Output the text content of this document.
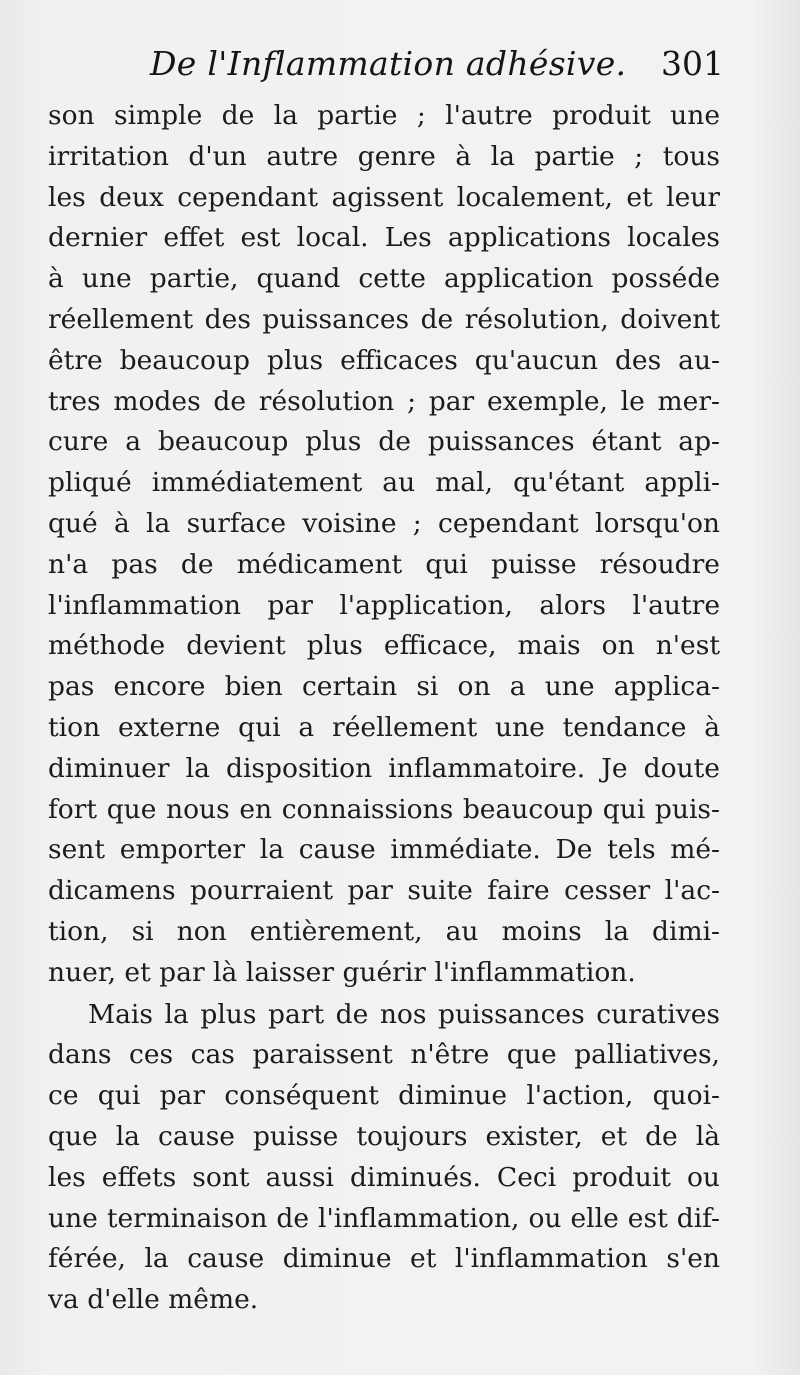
De l'Inflammation adhésive. 301
son simple de la partie ; l'autre produit une
irritation d'un autre genre à la partie ; tous
les deux cependant agissent localement, et leur
dernier effet est local. Les applications locales
à une partie, quand cette application posséde
réellement des puissances de résolution, doivent
être beaucoup plus efficaces qu'aucun des au-
tres modes de résolution ; par exemple, le mer-
cure a beaucoup plus de puissances étant ap-
pliqué immédiatement au mal, qu'étant appli-
qué à la surface voisine ; cependant lorsqu'on
n'a pas de médicament qui puisse résoudre
l'inflammation par l'application, alors l'autre
méthode devient plus efficace, mais on n'est
pas encore bien certain si on a une applica-
tion externe qui a réellement une tendance à
diminuer la disposition inflammatoire. Je doute
fort que nous en connaissions beaucoup qui puis-
sent emporter la cause immédiate. De tels mé-
dicamens pourraient par suite faire cesser l'ac-
tion, si non entièrement, au moins la dimi-
nuer, et par là laisser guérir l'inflammation.
Mais la plus part de nos puissances curatives
dans ces cas paraissent n'être que palliatives,
ce qui par conséquent diminue l'action, quoi-
que la cause puisse toujours exister, et de là
les effets sont aussi diminués. Ceci produit ou
une terminaison de l'inflammation, ou elle est dif-
férée, la cause diminue et l'inflammation s'en
va d'elle même.
